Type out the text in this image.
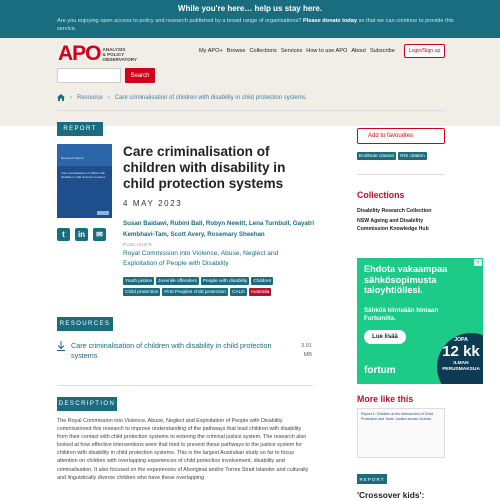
While you're here… help us stay here.
Are you enjoying open access to policy and research published by a broad range of organisations? Please donate today so that we can continue to provide this service.
APO ANALYSIS
& POLICY
OBSERVATORY
My APO+ Browse Collections Services How to use APO About Subscribe	Login/Sign up
Search
› Resource › Care criminalisation of children with disability in child protection systems
REPORT
Research Report
Care criminalisation of children with disability in child protection systems
Care criminalisation of children with disability in child protection systems
4 MAY 2023
t in ✉
Susan Baidawi, Rubini Ball, Robyn Newitt, Lena Turnbull, Gayatri Kembhavi-Tam, Scott Avery, Rosemary Sheehan
PUBLISHER
Royal Commission into Violence, Abuse, Neglect and Exploitation of People with Disability
Youth justice	Juvenile offenders	People with disability	Children
Child protection	First Peoples child protection	CALD	Australia
RESOURCES
Care criminalisation of children with disability in child protection systems
3.91
MB
DESCRIPTION
The Royal Commission into Violence, Abuse, Neglect and Exploitation of People with Disability commissioned this research to improve understanding of the pathways that lead children with disability from their contact with child protection systems to entering the criminal justice system. The research also looked at how effective interventions were that tried to prevent these pathways to the justice system for children with disability in child protection systems. This is the largest Australian study so far to focus attention on children with overlapping experiences of child protection involvement, disability and criminalisation. It also focused on the experiences of Aboriginal and/or Torres Strait Islander and culturally and linguistically diverse children who have these overlapping
Add to favourites
EndNote citation	RIS citation
Collections
Disability Research Collection
NSW Ageing and Disability Commission Knowledge Hub
Ehdota vakaampaa sähkösopimusta taloyhtiöllesi.
Sähköä kiinteään hintaan Fortumilta.
Lue lisää
fortum
JOPA
12 kk
ILMAN PERUSMAKSUA
×
More like this
Report 1: Children at the Intersection of Child Protection and Youth Justice across Victoria
REPORT
'Crossover kids':
